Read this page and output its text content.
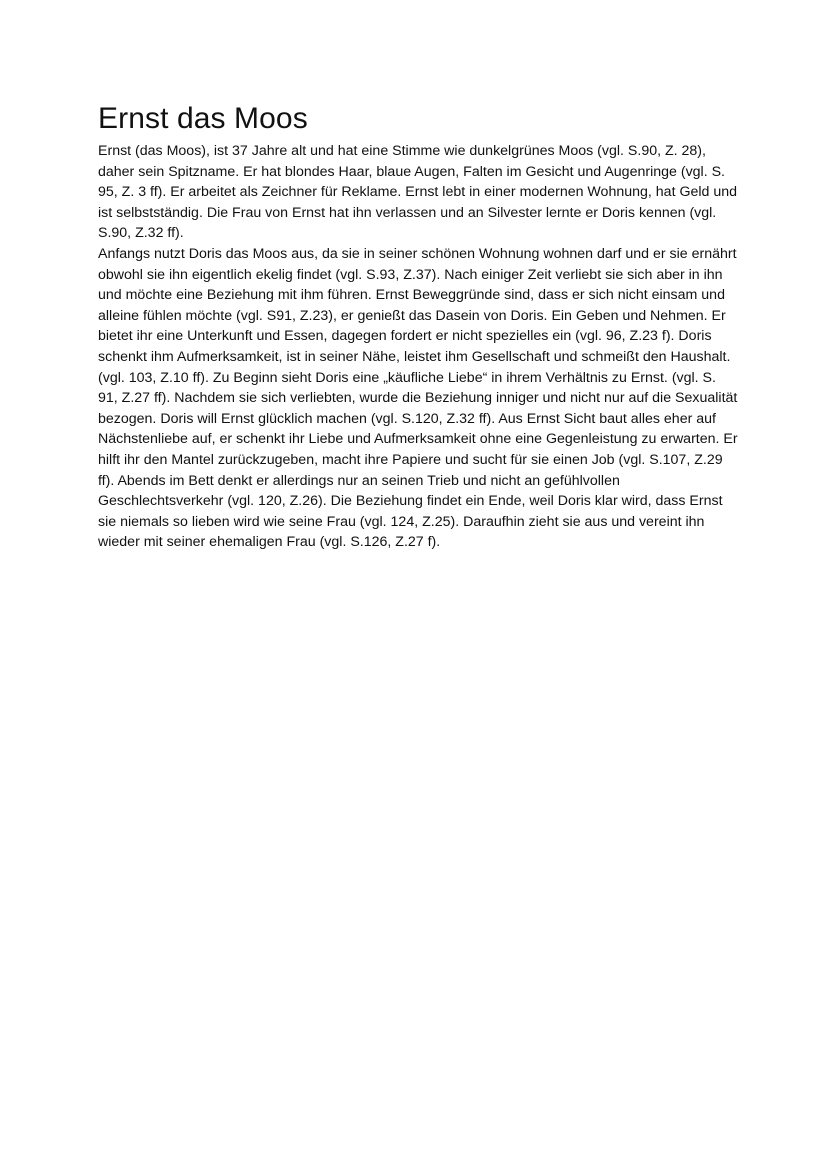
Ernst das Moos

Ernst (das Moos), ist 37 Jahre alt und hat eine Stimme wie dunkelgrünes Moos (vgl. S.90, Z. 28), daher sein Spitzname. Er hat blondes Haar, blaue Augen, Falten im Gesicht und Augenringe (vgl. S. 95, Z. 3 ff). Er arbeitet als Zeichner für Reklame. Ernst lebt in einer modernen Wohnung, hat Geld und ist selbstständig. Die Frau von Ernst hat ihn verlassen und an Silvester lernte er Doris kennen (vgl. S.90, Z.32 ff).

Anfangs nutzt Doris das Moos aus, da sie in seiner schönen Wohnung wohnen darf und er sie ernährt obwohl sie ihn eigentlich ekelig findet (vgl. S.93, Z.37). Nach einiger Zeit verliebt sie sich aber in ihn und möchte eine Beziehung mit ihm führen. Ernst Beweggründe sind, dass er sich nicht einsam und alleine fühlen möchte (vgl. S91, Z.23), er genießt das Dasein von Doris. Ein Geben und Nehmen. Er bietet ihr eine Unterkunft und Essen, dagegen fordert er nicht spezielles ein (vgl. 96, Z.23 f). Doris schenkt ihm Aufmerksamkeit, ist in seiner Nähe, leistet ihm Gesellschaft und schmeißt den Haushalt. (vgl. 103, Z.10 ff). Zu Beginn sieht Doris eine „käufliche Liebe“ in ihrem Verhältnis zu Ernst. (vgl. S. 91, Z.27 ff). Nachdem sie sich verliebten, wurde die Beziehung inniger und nicht nur auf die Sexualität bezogen. Doris will Ernst glücklich machen (vgl. S.120, Z.32 ff). Aus Ernst Sicht baut alles eher auf Nächstenliebe auf, er schenkt ihr Liebe und Aufmerksamkeit ohne eine Gegenleistung zu erwarten. Er hilft ihr den Mantel zurückzugeben, macht ihre Papiere und sucht für sie einen Job (vgl. S.107, Z.29 ff). Abends im Bett denkt er allerdings nur an seinen Trieb und nicht an gefühlvollen Geschlechtsverkehr (vgl. 120, Z.26). Die Beziehung findet ein Ende, weil Doris klar wird, dass Ernst sie niemals so lieben wird wie seine Frau (vgl. 124, Z.25). Daraufhin zieht sie aus und vereint ihn wieder mit seiner ehemaligen Frau (vgl. S.126, Z.27 f).
